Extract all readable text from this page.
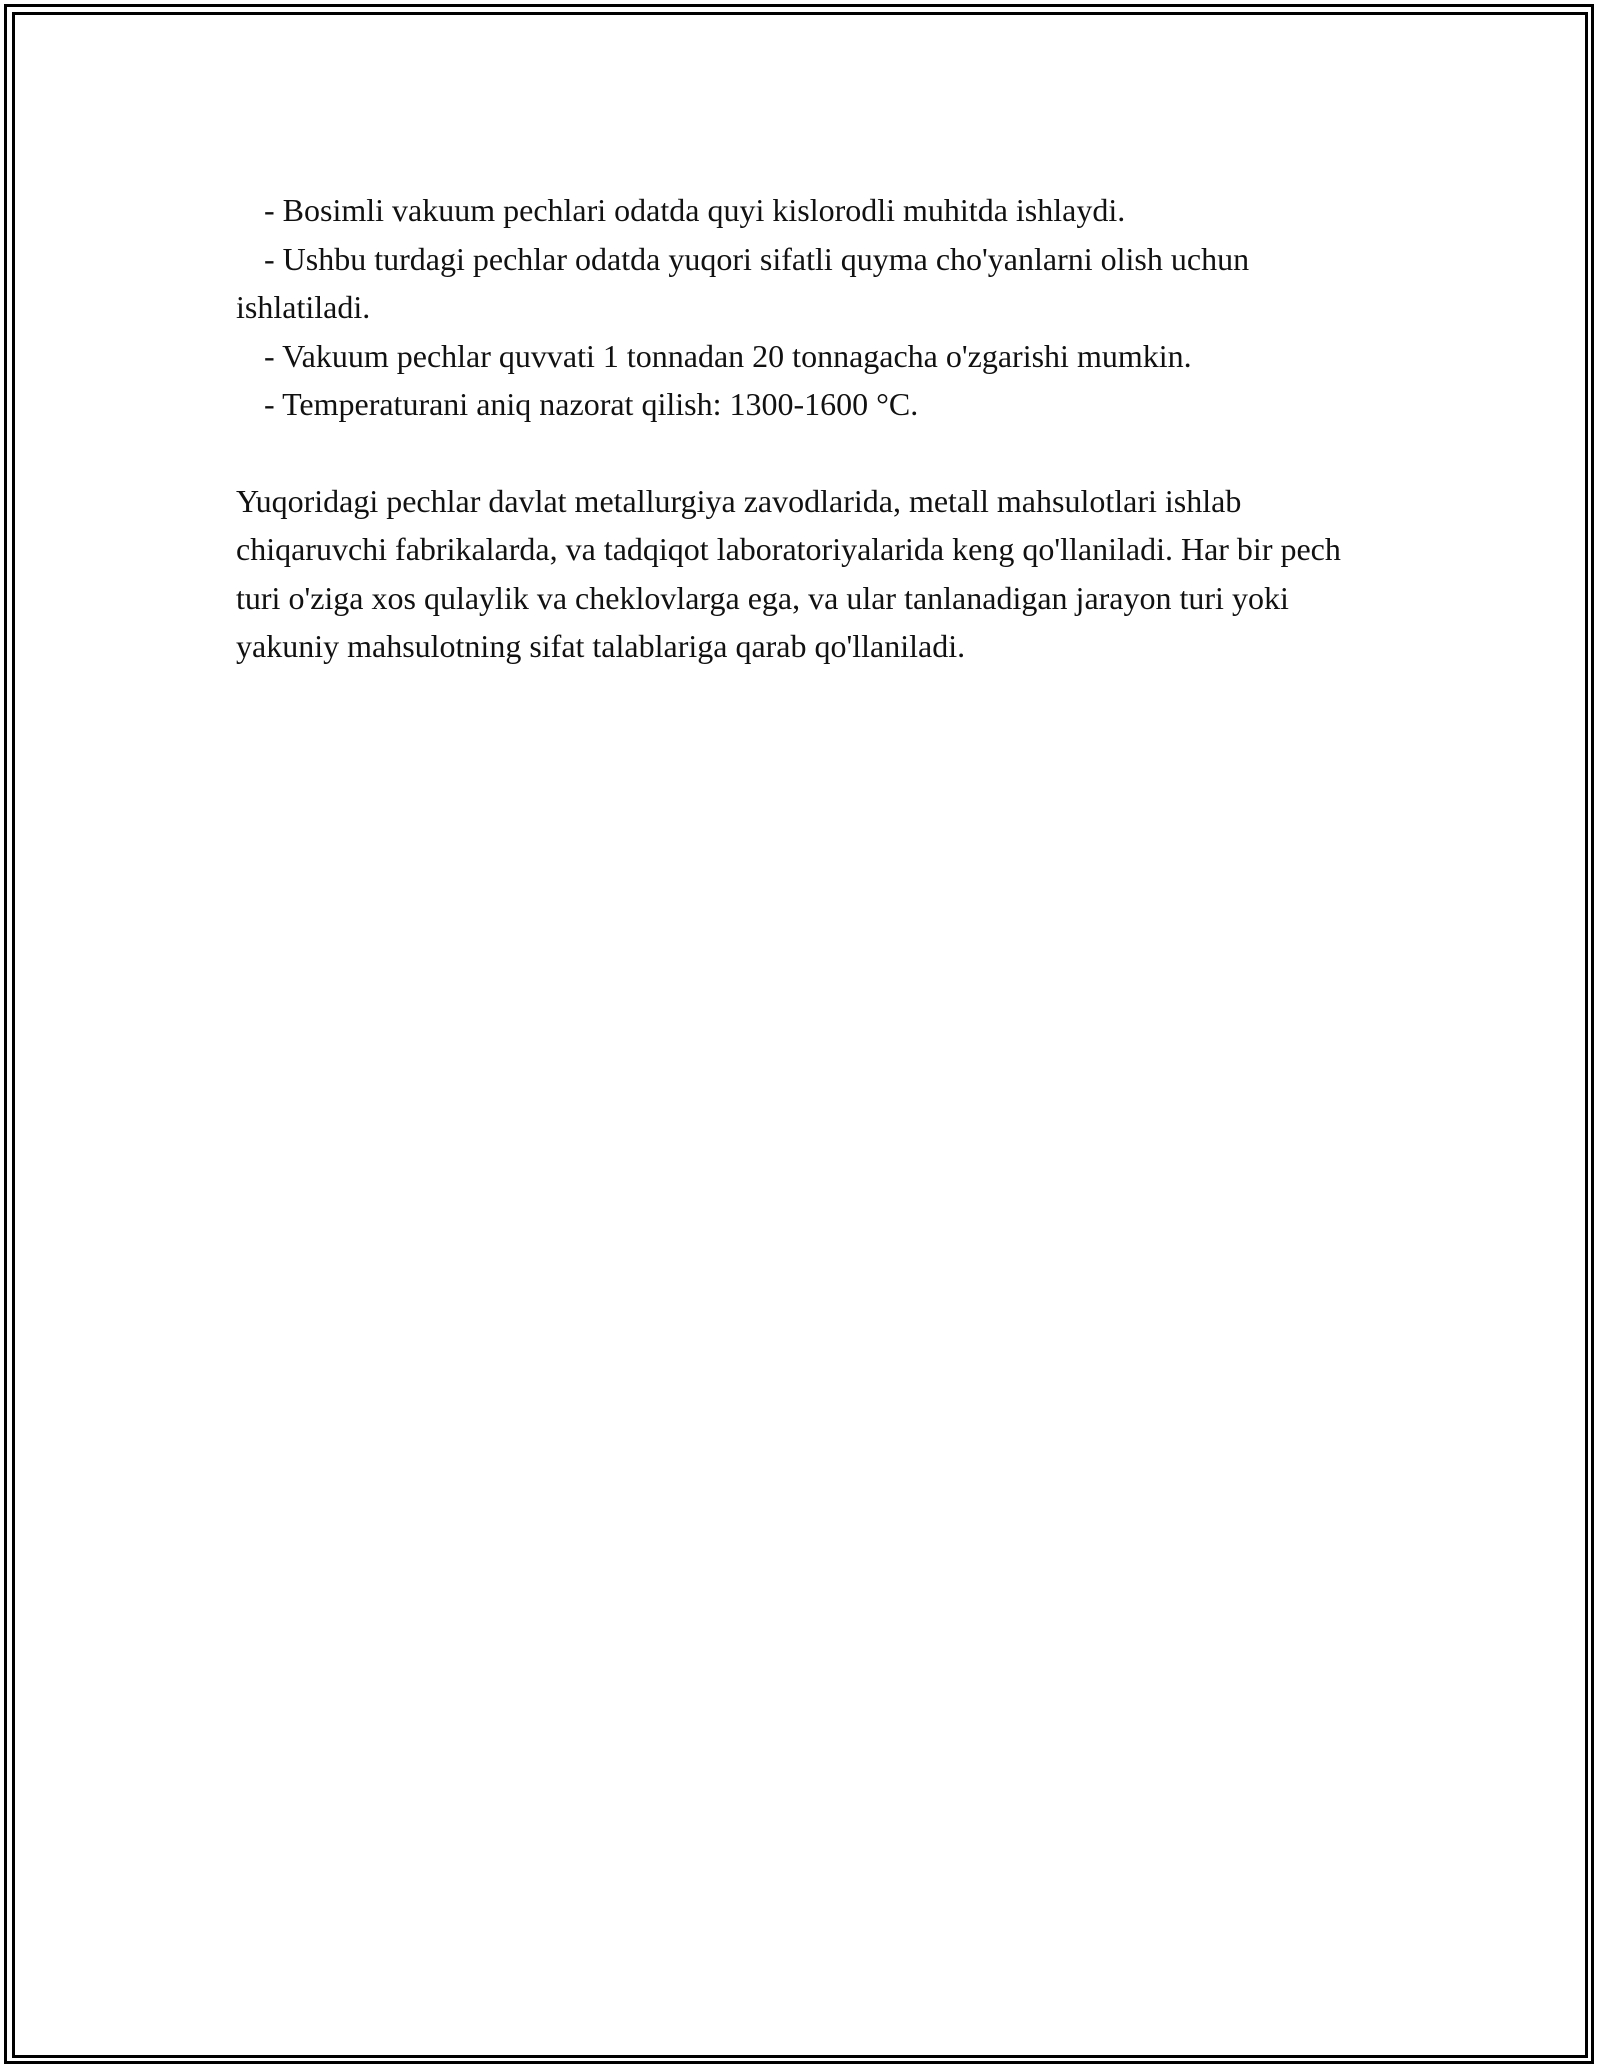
- Bosimli vakuum pechlari odatda quyi kislorodli muhitda ishlaydi.
- Ushbu turdagi pechlar odatda yuqori sifatli quyma cho'yanlarni olish uchun ishlatiladi.
- Vakuum pechlar quvvati 1 tonnadan 20 tonnagacha o'zgarishi mumkin.
- Temperaturani aniq nazorat qilish: 1300-1600 °C.
Yuqoridagi pechlar davlat metallurgiya zavodlarida, metall mahsulotlari ishlab chiqaruvchi fabrikalarda, va tadqiqot laboratoriyalarida keng qo'llaniladi. Har bir pech turi o'ziga xos qulaylik va cheklovlarga ega, va ular tanlanadigan jarayon turi yoki yakuniy mahsulotning sifat talablariga qarab qo'llaniladi.
